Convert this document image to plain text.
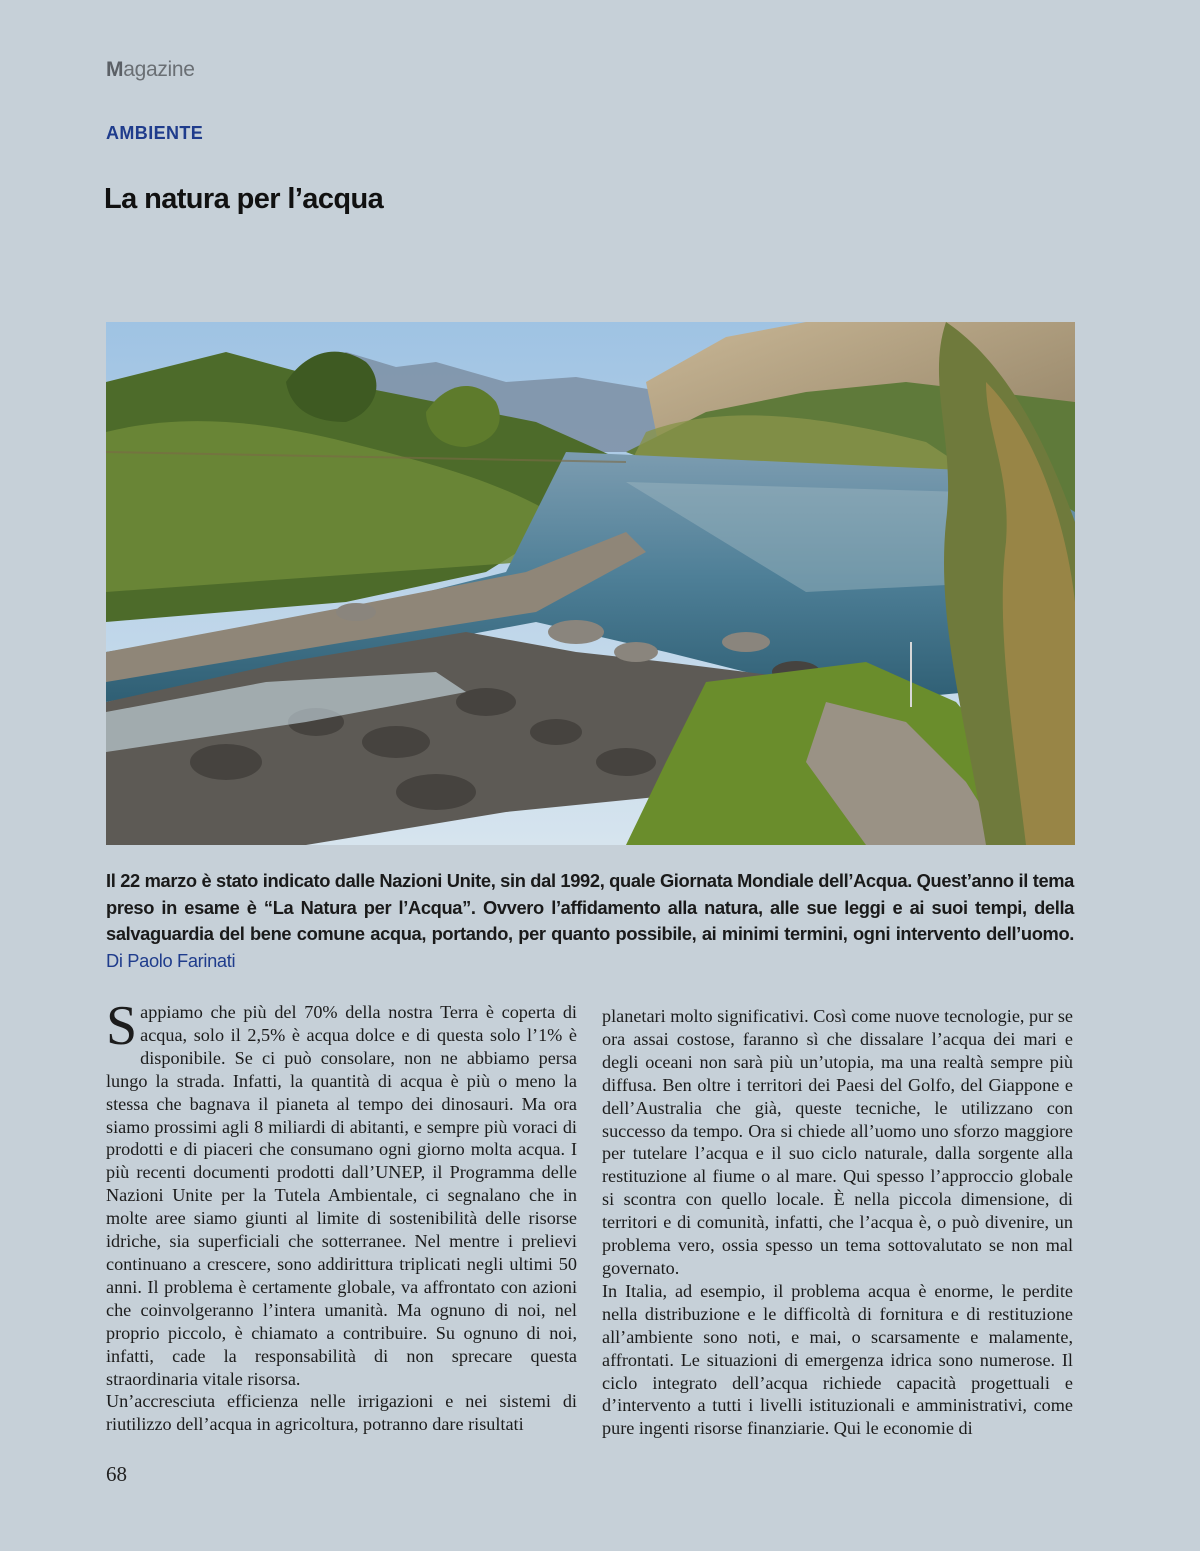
Magazine
AMBIENTE
La natura per l’acqua

Il 22 marzo è stato indicato dalle Nazioni Unite, sin dal 1992, quale Giornata Mondiale dell’Acqua. Quest’anno il tema preso in esame è “La Natura per l’Acqua”. Ovvero l’affidamento alla natura, alle sue leggi e ai suoi tempi, della salvaguardia del bene comune acqua, portando, per quanto possibile, ai minimi termini, ogni intervento dell’uomo. Di Paolo Farinati

Sappiamo che più del 70% della nostra Terra è coperta di acqua, solo il 2,5% è acqua dolce e di questa solo l’1% è disponibile. Se ci può consolare, non ne abbiamo persa lungo la strada. Infatti, la quantità di acqua è più o meno la stessa che bagnava il pianeta al tempo dei dinosauri. Ma ora siamo prossimi agli 8 miliardi di abitanti, e sempre più voraci di prodotti e di piaceri che consumano ogni giorno molta acqua. I più recenti documenti prodotti dall’UNEP, il Programma delle Nazioni Unite per la Tutela Ambientale, ci segnalano che in molte aree siamo giunti al limite di sostenibilità delle risorse idriche, sia superficiali che sotterranee. Nel mentre i prelievi continuano a crescere, sono addirittura triplicati negli ultimi 50 anni. Il problema è certamente globale, va affrontato con azioni che coinvolgeranno l’intera umanità. Ma ognuno di noi, nel proprio piccolo, è chiamato a contribuire. Su ognuno di noi, infatti, cade la responsabilità di non sprecare questa straordinaria vitale risorsa.

Un’accresciuta efficienza nelle irrigazioni e nei sistemi di riutilizzo dell’acqua in agricoltura, potranno dare risultati

planetari molto significativi. Così come nuove tecnologie, pur se ora assai costose, faranno sì che dissalare l’acqua dei mari e degli oceani non sarà più un’utopia, ma una realtà sempre più diffusa. Ben oltre i territori dei Paesi del Golfo, del Giappone e dell’Australia che già, queste tecniche, le utilizzano con successo da tempo. Ora si chiede all’uomo uno sforzo maggiore per tutelare l’acqua e il suo ciclo naturale, dalla sorgente alla restituzione al fiume o al mare. Qui spesso l’approccio globale si scontra con quello locale. È nella piccola dimensione, di territori e di comunità, infatti, che l’acqua è, o può divenire, un problema vero, ossia spesso un tema sottovalutato se non mal governato.

In Italia, ad esempio, il problema acqua è enorme, le perdite nella distribuzione e le difficoltà di fornitura e di restituzione all’ambiente sono noti, e mai, o scarsamente e malamente, affrontati. Le situazioni di emergenza idrica sono numerose. Il ciclo integrato dell’acqua richiede capacità progettuali e d’intervento a tutti i livelli istituzionali e amministrativi, come pure ingenti risorse finanziarie. Qui le economie di

68
